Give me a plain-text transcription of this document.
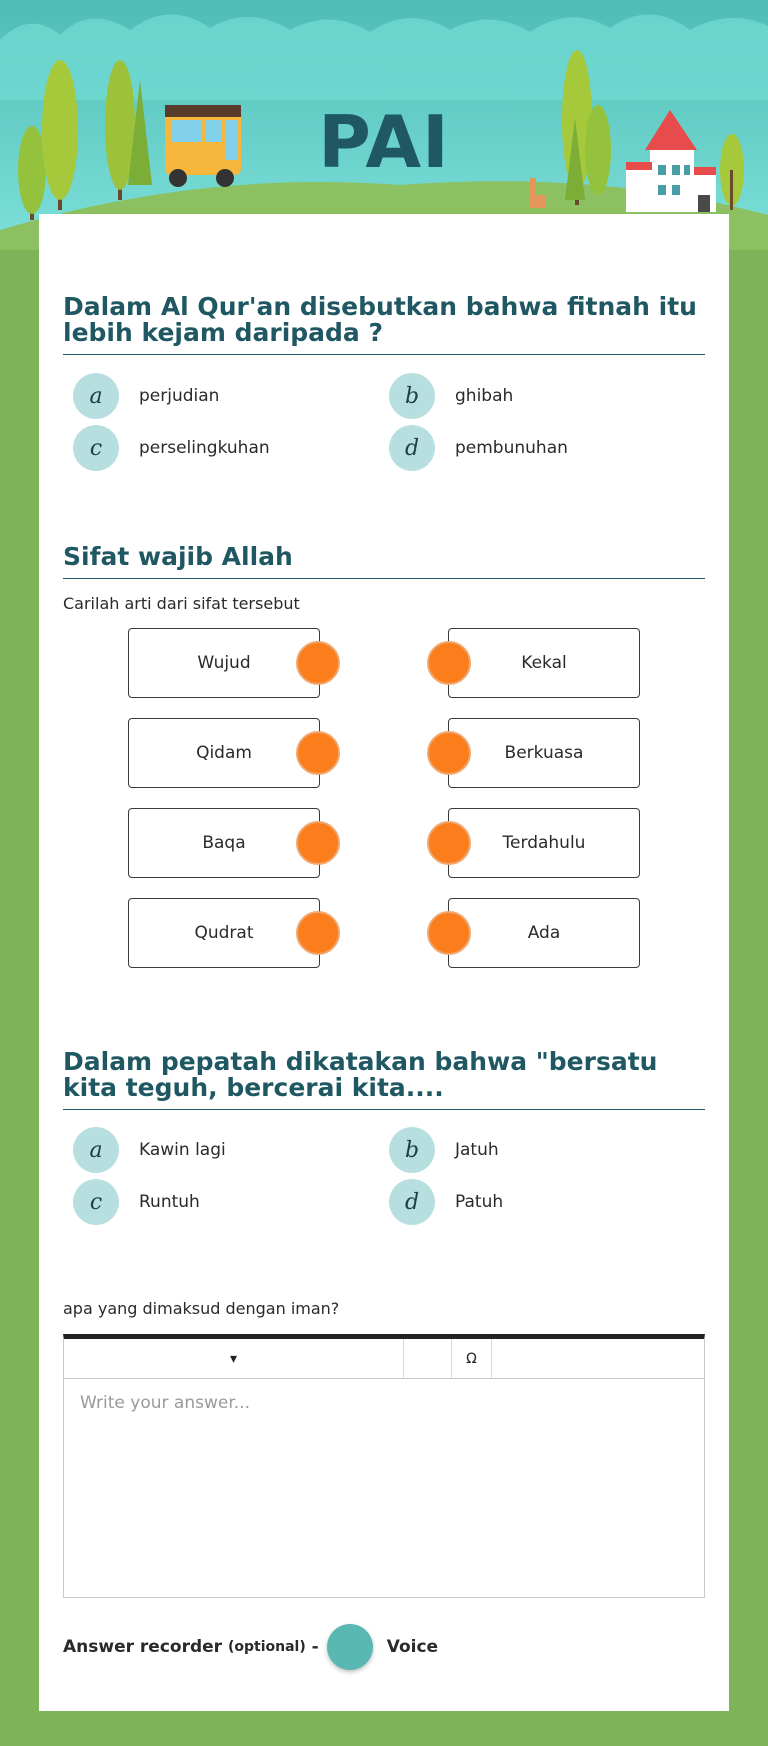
PAI
Dalam Al Qur'an disebutkan bahwa fitnah itu lebih kejam daripada ?
a	perjudian	b	ghibah
c	perselingkuhan	d	pembunuhan
Sifat wajib Allah
Carilah arti dari sifat tersebut
Wujud
Qidam
Baqa
Qudrat
Kekal
Berkuasa
Terdahulu
Ada
Dalam pepatah dikatakan bahwa "bersatu kita teguh, bercerai kita....
a	Kawin lagi	b	Jatuh
c	Runtuh	d	Patuh
apa yang dimaksud dengan iman?
▾	Ω
Write your answer...
Answer recorder
(optional)
-	Voice
